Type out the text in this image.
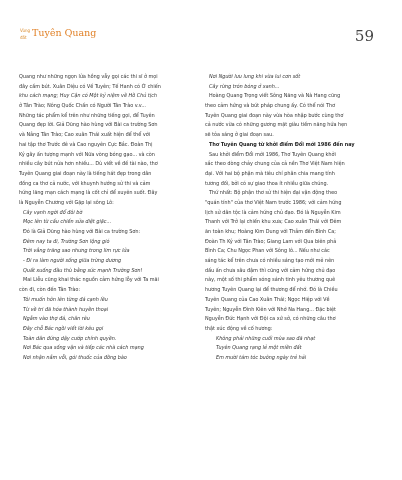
Vùng
đất Tuyên Quang	59
Quang như những ngọn lửa hồng vẫy gọi các thi sĩ ở mọi
đây cầm bút. Xuân Diệu có Về Tuyên; Tế Hanh có Ở chiến
khu cách mạng; Huy Cận có Một kỷ niệm về Hồ Chủ tịch
ở Tân Trào; Nông Quốc Chấn có Người Tân Trào v.v...
Những tác phẩm kể trên như những tiếng gọi, để Tuyên
Quang đẹp lời. Giả Dũng hào hùng với Bài ca trường Sơn
và Nắng Tân Trào; Cao xuân Thái xuất hiện để thể với
hai tập thơ Trước đê và Cao nguyên Cực Bắc. Đoàn Thị
Ký gây ấn tượng mạnh với Nữa vòng bóng gạo... và còn
nhiều cây bút nửa hơn nhiều... Dù viết về đề tài nào, thơ
Tuyên Quang giai đoạn này là tiếng hát đẹp trong dân
đồng ca thơ cả nước, với khuynh hướng sử thi và cảm
hứng lãng mạn cách mạng là cốt chỉ để xuyên suốt. Đây
là Nguyễn Chương với Gặp lại sông Lô:
Cây vạnh ngời đổ đôi bờ
Mọc lên từ cấu chiến sửa diệt giặc...
Đó là Giả Dũng hào hùng với Bài ca trường Sơn:
Đêm nay ta đi, Trường Sơn lộng gió
Trời vằng trăng sao nhưng trong lim rực lửa
- Đi ra làm người sống giữa trừng dương
Quất xuống đầu thù bằng sức mạnh Trường Sơn!
Mai Liễu cũng khai thác nguồn cảm hứng lỗy với Ta mãi
còn đi, còn đến Tân Trào:
Tôi muốn hôn lên từng đá cạnh lều
Từ về tri đã hóa thành huyền thoại
Ngẫm vào thợ đá, chân rêu
Đây chỗ Bác ngồi viết lời kêu gọi
Toàn dân đứng dậy cướp chính quyền.
Nơi Bác qua sống vận và tiếp các nhà cách mạng
Nơi nhận nắm vỗi, gói thuốc của đồng bào
Nơi Người lưu lung khi vừa lui cơn sốt
Cây rừng trón bóng ở xanh...
Hoàng Quang Trọng viết Sông Năng và Nà Hang cũng
theo cảm hứng và bút pháp chung ấy. Có thể nói Thơ
Tuyên Quang giai đoạn này vừa hòa nhập bước cùng thơ
cả nước vừa có những gương mặt giàu tiềm năng hứa hẹn
sẽ tỏa sáng ở giai đoạn sau.
Thơ Tuyên Quang từ khởi điểm Đổi mới 1986 đến nay
Sau khởi điểm Đổi mới 1986, Thơ Tuyên Quang khởi
sắc theo dòng chảy chung của cả nền Thơ Việt Nam hiện
đại. Với hai bộ phận mà tiêu chí phân chia mang tính
tương đối, bởi có sự giao thoa ít nhiều giữa chúng.
Thứ nhất: Bộ phận thơ sử thi hiện đại vận động theo
"quán tính" của thơ Việt Nam trước 1986; với cảm hứng
lịch sử dân tộc là cảm hứng chủ đạo. Đó là Nguyễn Kim
Thanh với Trở lại chiến khu xưa; Cao xuân Thái với Đêm
ăn toàn khu; Hoàng Kim Dung với Thắm đến Bình Ca;
Đoàn Th Ký với Tân Trào; Giang Lam với Qua biên phả
Bình Ca; Chu Ngọc Phan với Sông lô... Nếu như các
sáng tác kể trên chưa có nhiều sáng tạo mới mẻ nên
dấu ấn chưa sâu đậm thì cũng với cảm hứng chủ đạo
này, một số thi phẩm sóng sánh tinh yêu thương quê
hương Tuyên Quang lại để thương để nhớ. Đó là Chiều
Tuyên Quang của Cao Xuân Thái; Ngọc Hiệp với Về
Tuyên; Nguyễn Đình Kiên với Nhớ Na Hang... Đặc biệt
Nguyễn Đức Hạnh với Đội ca xứ sở, có những câu thơ
thật xúc động về cố hương:
Không phải những cuối mùa sao đã nhạt
Tuyên Quang rạng lẻ một miền đất
Em mười tám tóc buông ngày trẻ hải
